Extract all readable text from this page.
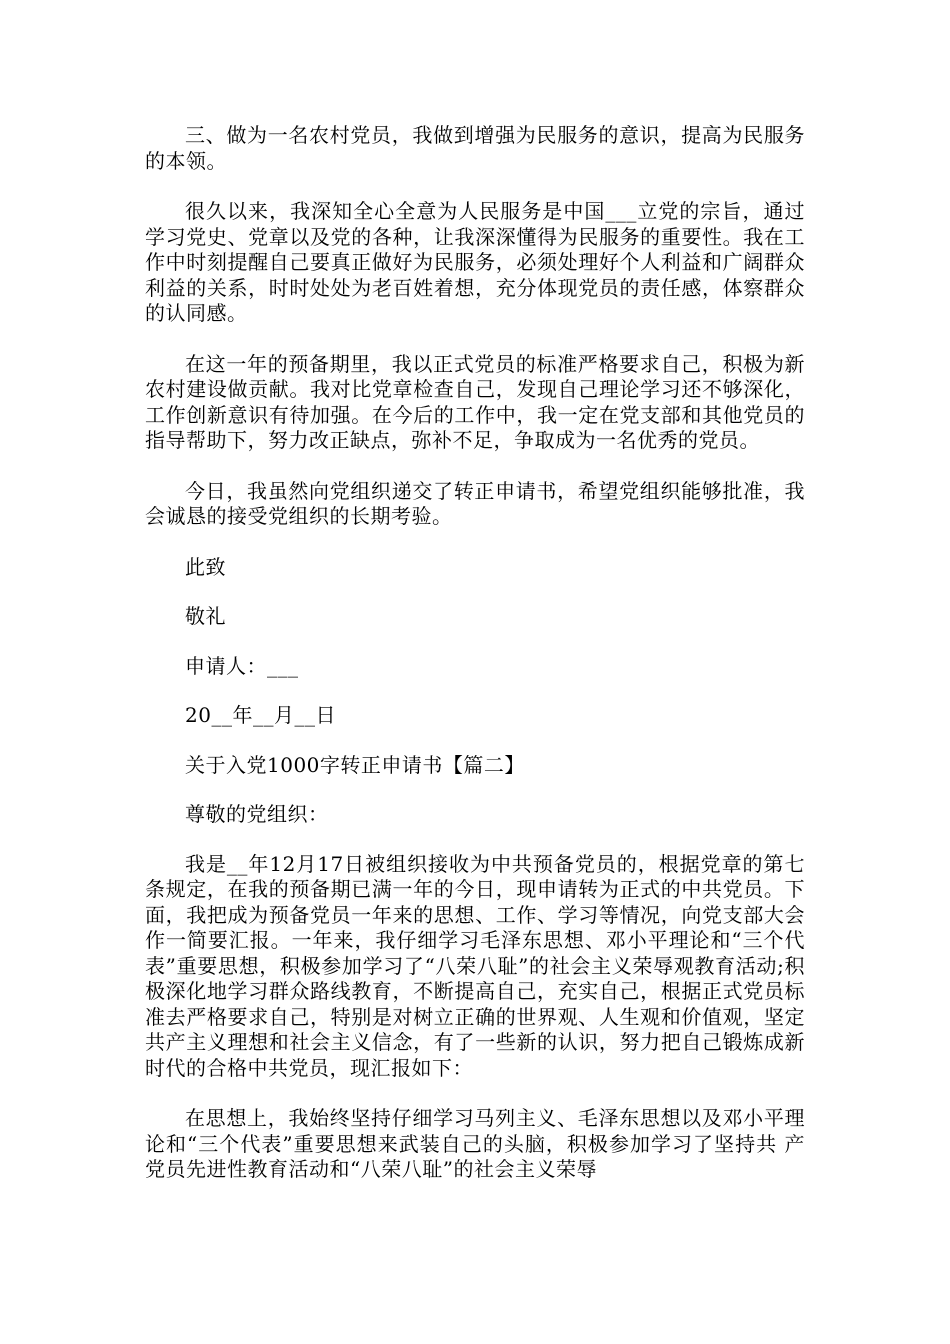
三、做为一名农村党员，我做到增强为民服务的意识，提高为民服务的本领。

很久以来，我深知全心全意为人民服务是中国___立党的宗旨，通过学习党史、党章以及党的各种，让我深深懂得为民服务的重要性。我在工作中时刻提醒自己要真正做好为民服务，必须处理好个人利益和广阔群众利益的关系，时时处处为老百姓着想，充分体现党员的责任感，体察群众的认同感。

在这一年的预备期里，我以正式党员的标准严格要求自己，积极为新农村建设做贡献。我对比党章检查自己，发现自己理论学习还不够深化，工作创新意识有待加强。在今后的工作中，我一定在党支部和其他党员的指导帮助下，努力改正缺点，弥补不足，争取成为一名优秀的党员。

今日，我虽然向党组织递交了转正申请书，希望党组织能够批准，我会诚恳的接受党组织的长期考验。

此致

敬礼

申请人：___

20__年__月__日

关于入党1000字转正申请书【篇二】

尊敬的党组织：

我是__年12月17日被组织接收为中共预备党员的，根据党章的第七条规定，在我的预备期已满一年的今日，现申请转为正式的中共党员。下面，我把成为预备党员一年来的思想、工作、学习等情况，向党支部大会作一简要汇报。一年来，我仔细学习毛泽东思想、邓小平理论和“三个代表”重要思想，积极参加学习了“八荣八耻”的社会主义荣辱观教育活动;积极深化地学习群众路线教育，不断提高自己，充实自己，根据正式党员标准去严格要求自己，特别是对树立正确的世界观、人生观和价值观，坚定共产主义理想和社会主义信念，有了一些新的认识，努力把自己锻炼成新时代的合格中共党员，现汇报如下：

在思想上，我始终坚持仔细学习马列主义、毛泽东思想以及邓小平理论和“三个代表”重要思想来武装自己的头脑，积极参加学习了坚持共 产党员先进性教育活动和“八荣八耻”的社会主义荣辱
